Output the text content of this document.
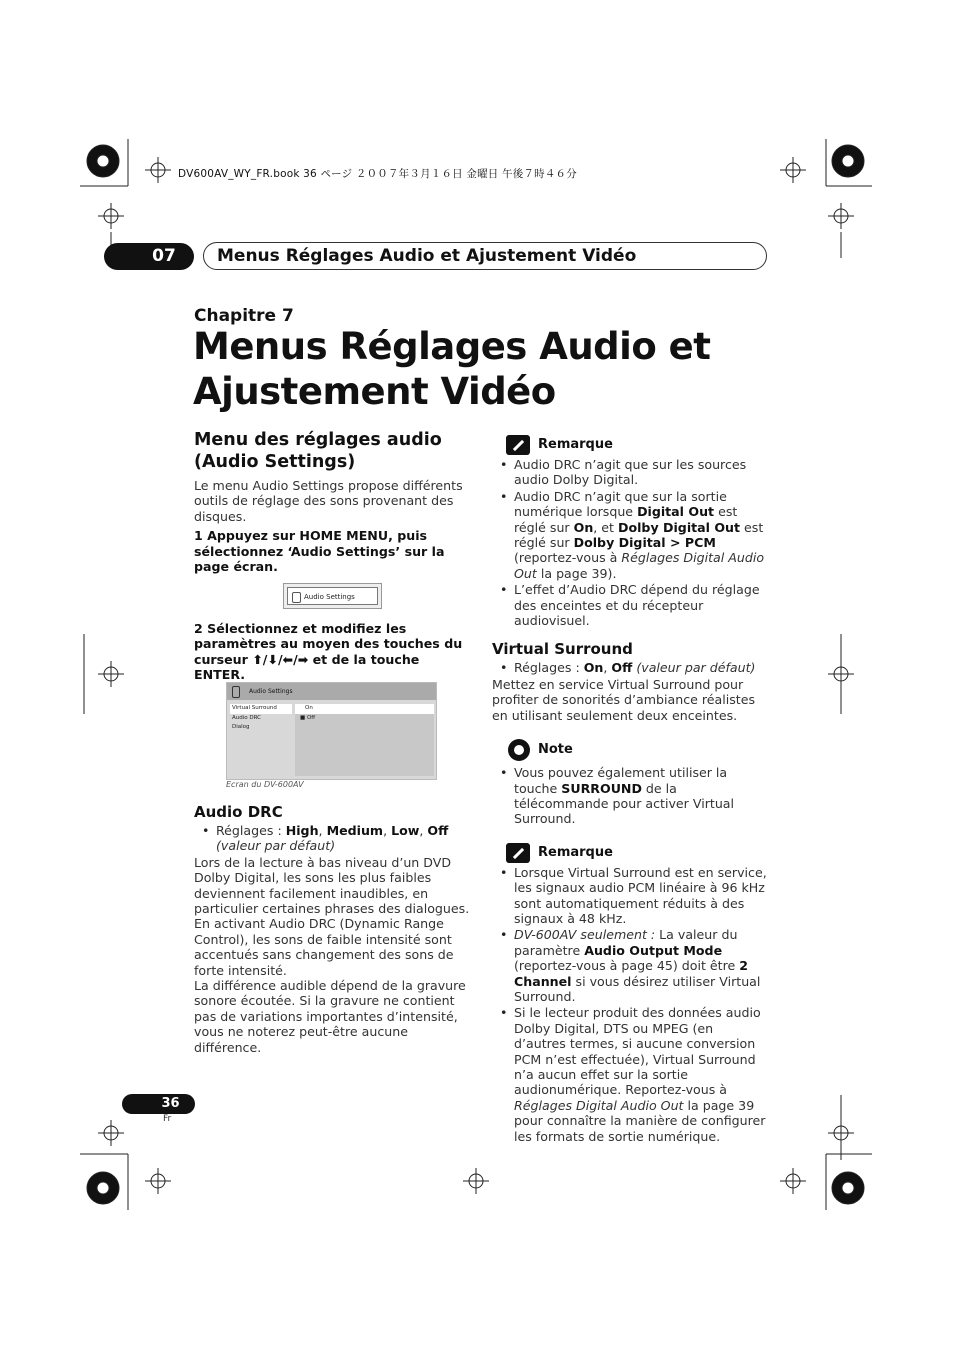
DV600AV_WY_FR.book 36 ページ ２００７年３月１６日 金曜日 午後７時４６分
07	Menus Réglages Audio et Ajustement Vidéo
Chapitre 7
Menus Réglages Audio et
Ajustement Vidéo
Menu des réglages audio
(Audio Settings)

Le menu Audio Settings propose différents outils de réglage des sons provenant des disques.

1 Appuyez sur HOME MENU, puis sélectionnez ‘Audio Settings’ sur la page écran.

Audio Settings

2 Sélectionnez et modifiez les paramètres au moyen des touches du curseur ⬆/⬇/⬅/➡ et de la touche ENTER.

Audio Settings
Virtual Surround
Audio DRC
Dialog
On
■ Off
Ecran du DV-600AV
Audio DRC
• Réglages : High, Medium, Low, Off
(valeur par défaut)

Lors de la lecture à bas niveau d’un DVD Dolby Digital, les sons les plus faibles deviennent facilement inaudibles, en particulier certaines phrases des dialogues. En activant Audio DRC (Dynamic Range Control), les sons de faible intensité sont accentués sans changement des sons de forte intensité.

La différence audible dépend de la gravure sonore écoutée. Si la gravure ne contient pas de variations importantes d’intensité, vous ne noterez peut-être aucune différence.

Remarque
• Audio DRC n’agit que sur les sources audio Dolby Digital.
• Audio DRC n’agit que sur la sortie numérique lorsque Digital Out est réglé sur On, et Dolby Digital Out est réglé sur Dolby Digital > PCM (reportez-vous à Réglages Digital Audio Out la page 39).
• L’effet d’Audio DRC dépend du réglage des enceintes et du récepteur audiovisuel.
Virtual Surround
• Réglages : On, Off (valeur par défaut)

Mettez en service Virtual Surround pour profiter de sonorités d’ambiance réalistes en utilisant seulement deux enceintes.

Note
• Vous pouvez également utiliser la touche SURROUND de la télécommande pour activer Virtual Surround.
Remarque
• Lorsque Virtual Surround est en service, les signaux audio PCM linéaire à 96 kHz sont automatiquement réduits à des signaux à 48 kHz.
• DV-600AV seulement : La valeur du paramètre Audio Output Mode (reportez-vous à page 45) doit être 2 Channel si vous désirez utiliser Virtual Surround.
• Si le lecteur produit des données audio Dolby Digital, DTS ou MPEG (en d’autres termes, si aucune conversion PCM n’est effectuée), Virtual Surround n’a aucun effet sur la sortie audionumérique. Reportez-vous à Réglages Digital Audio Out la page 39 pour connaître la manière de configurer les formats de sortie numérique.
36
Fr
